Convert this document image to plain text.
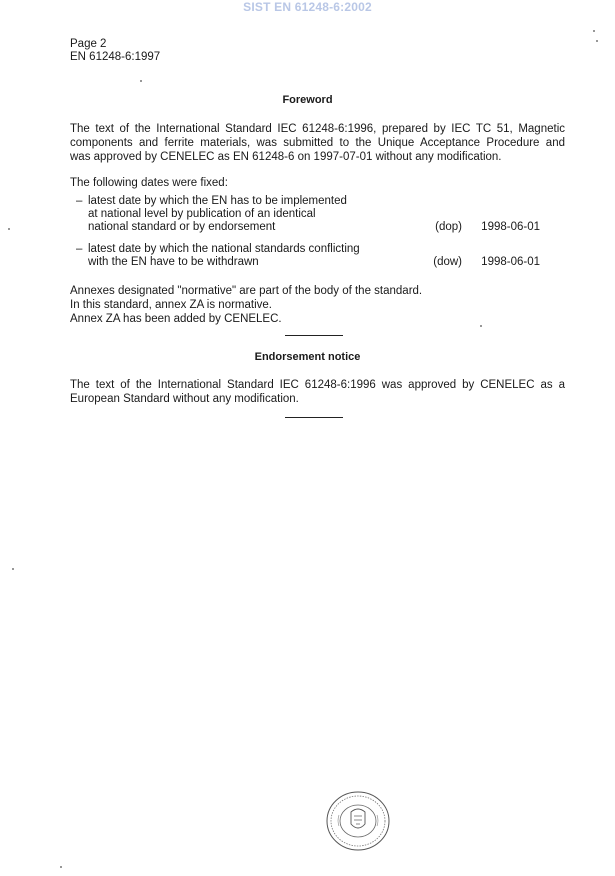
SIST EN 61248-6:2002
Page 2
EN 61248-6:1997
Foreword
The text of the International Standard IEC 61248-6:1996, prepared by IEC TC 51, Magnetic
components and ferrite materials, was submitted to the Unique Acceptance Procedure and
was approved by CENELEC as EN 61248-6 on 1997-07-01 without any modification.
The following dates were fixed:
– latest date by which the EN has to be implemented
at national level by publication of an identical
national standard or by endorsement	(dop) 1998-06-01
– latest date by which the national standards conflicting
with the EN have to be withdrawn	(dow) 1998-06-01
Annexes designated "normative" are part of the body of the standard.
In this standard, annex ZA is normative.
Annex ZA has been added by CENELEC.
Endorsement notice
The text of the International Standard IEC 61248-6:1996 was approved by CENELEC as a
European Standard without any modification.
